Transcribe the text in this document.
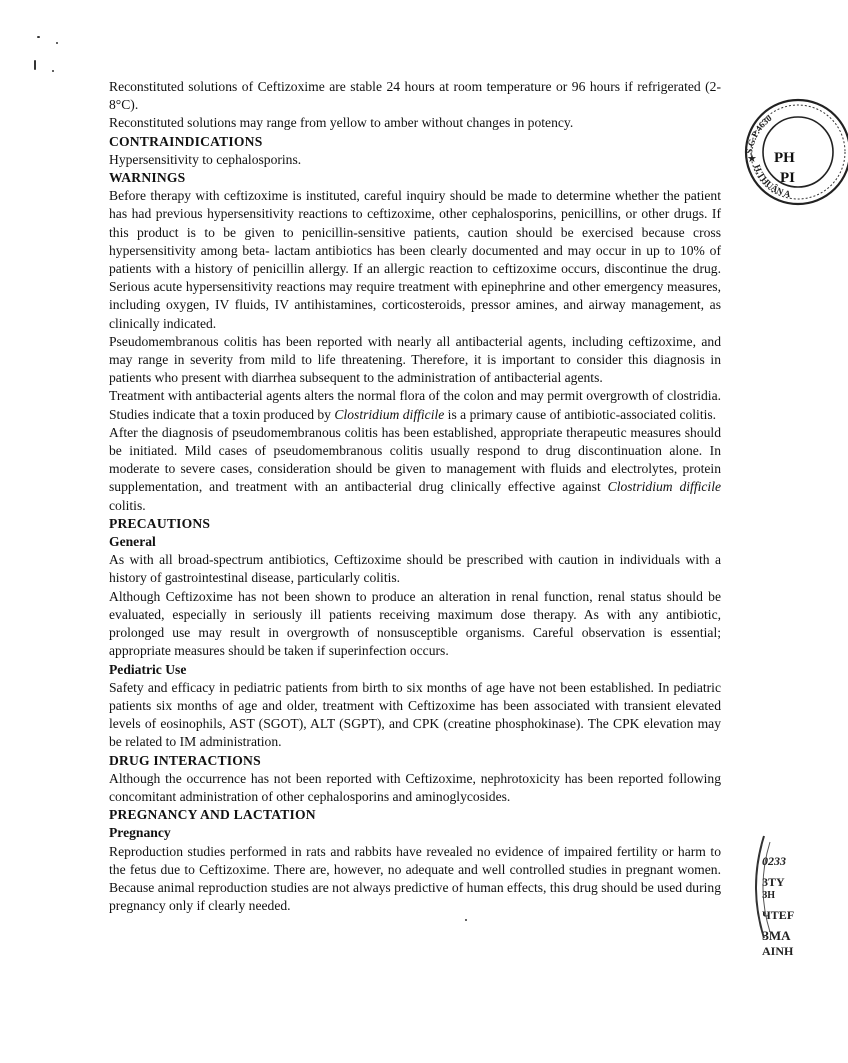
Reconstituted solutions of Ceftizoxime are stable 24 hours at room temperature or 96 hours if refrigerated (2-8°C).

Reconstituted solutions may range from yellow to amber without changes in potency.

CONTRAINDICATIONS

Hypersensitivity to cephalosporins.

WARNINGS

Before therapy with ceftizoxime is instituted, careful inquiry should be made to determine whether the patient has had previous hypersensitivity reactions to ceftizoxime, other cephalosporins, penicillins, or other drugs. If this product is to be given to penicillin-sensitive patients, caution should be exercised because cross hypersensitivity among beta- lactam antibiotics has been clearly documented and may occur in up to 10% of patients with a history of penicillin allergy. If an allergic reaction to ceftizoxime occurs, discontinue the drug. Serious acute hypersensitivity reactions may require treatment with epinephrine and other emergency measures, including oxygen, IV fluids, IV antihistamines, corticosteroids, pressor amines, and airway management, as clinically indicated.

Pseudomembranous colitis has been reported with nearly all antibacterial agents, including ceftizoxime, and may range in severity from mild to life threatening. Therefore, it is important to consider this diagnosis in patients who present with diarrhea subsequent to the administration of antibacterial agents.

Treatment with antibacterial agents alters the normal flora of the colon and may permit overgrowth of clostridia. Studies indicate that a toxin produced by Clostridium difficile is a primary cause of antibiotic-associated colitis.

After the diagnosis of pseudomembranous colitis has been established, appropriate therapeutic measures should be initiated. Mild cases of pseudomembranous colitis usually respond to drug discontinuation alone. In moderate to severe cases, consideration should be given to management with fluids and electrolytes, protein supplementation, and treatment with an antibacterial drug clinically effective against Clostridium difficile colitis.

PRECAUTIONS
General

As with all broad-spectrum antibiotics, Ceftizoxime should be prescribed with caution in individuals with a history of gastrointestinal disease, particularly colitis.

Although Ceftizoxime has not been shown to produce an alteration in renal function, renal status should be evaluated, especially in seriously ill patients receiving maximum dose therapy. As with any antibiotic, prolonged use may result in overgrowth of nonsusceptible organisms. Careful observation is essential; appropriate measures should be taken if superinfection occurs.

Pediatric Use

Safety and efficacy in pediatric patients from birth to six months of age have not been established. In pediatric patients six months of age and older, treatment with Ceftizoxime has been associated with transient elevated levels of eosinophils, AST (SGOT), ALT (SGPT), and CPK (creatine phosphokinase). The CPK elevation may be related to IM administration.

DRUG INTERACTIONS

Although the occurrence has not been reported with Ceftizoxime, nephrotoxicity has been reported following concomitant administration of other cephalosporins and aminoglycosides.

PREGNANCY AND LACTATION
Pregnancy

Reproduction studies performed in rats and rabbits have revealed no evidence of impaired fertility or harm to the fetus due to Ceftizoxime. There are, however, no adequate and well controlled studies in pregnant women. Because animal reproduction studies are not always predictive of human effects, this drug should be used during pregnancy only if clearly needed.

S.G.P.4630
H.THUẬN A
★ PH
PI
0233
3TY
ЗН
ЧТЕF
ЗMA
AINH
